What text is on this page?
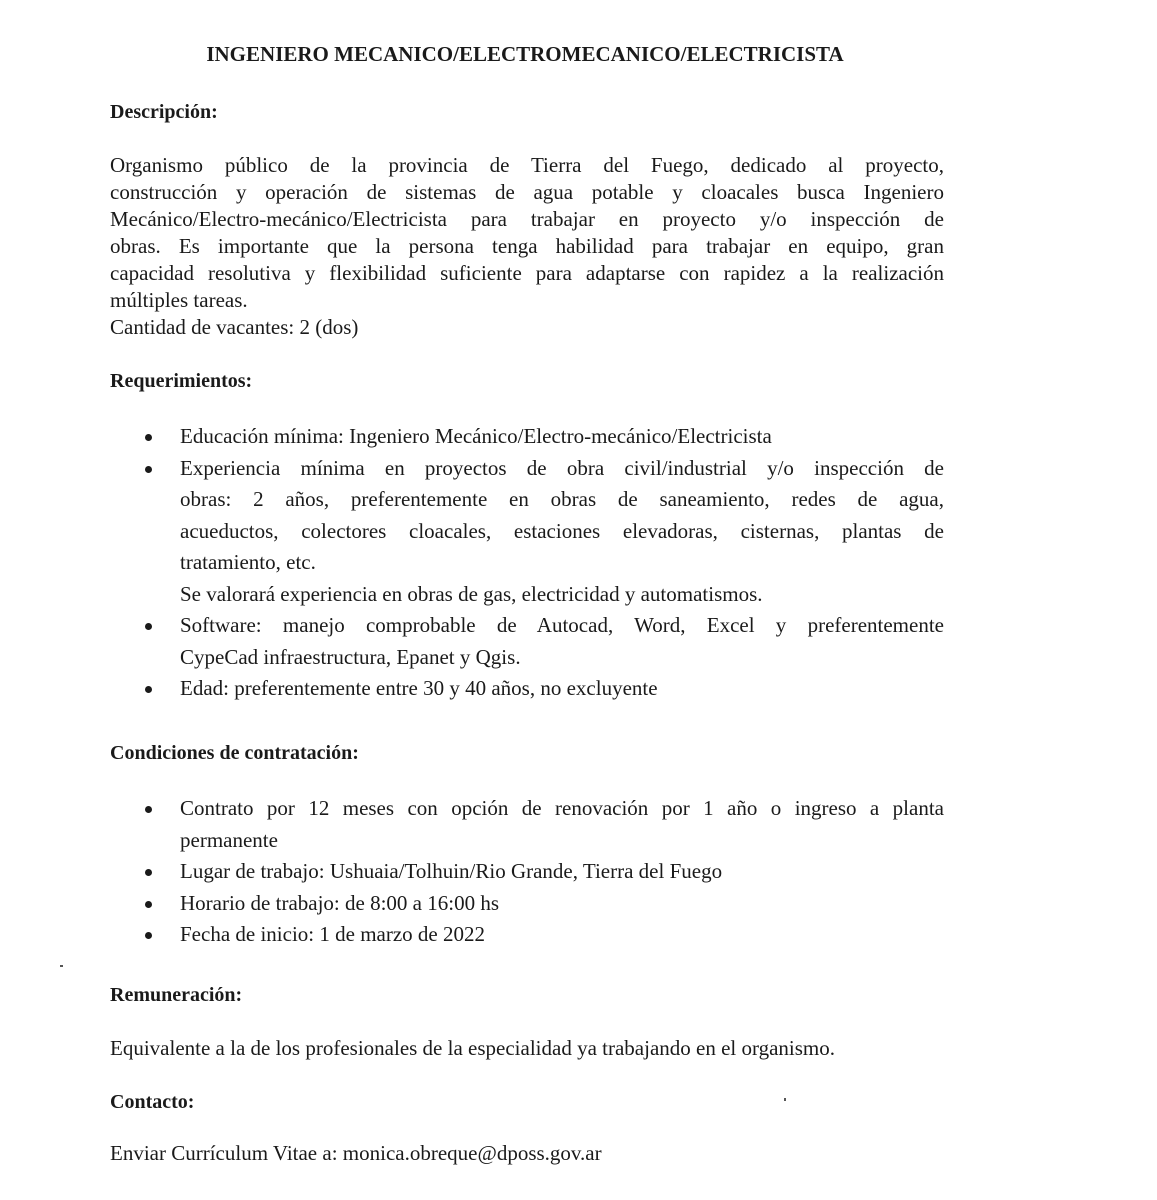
INGENIERO MECANICO/ELECTROMECANICO/ELECTRICISTA
Descripción:
Organismo público de la provincia de Tierra del Fuego, dedicado al proyecto,
construcción y operación de sistemas de agua potable y cloacales busca Ingeniero
Mecánico/Electro-mecánico/Electricista para trabajar en proyecto y/o inspección de
obras. Es importante que la persona tenga habilidad para trabajar en equipo, gran
capacidad resolutiva y flexibilidad suficiente para adaptarse con rapidez a la realización
múltiples tareas.
Cantidad de vacantes: 2 (dos)
Requerimientos:
Educación mínima: Ingeniero Mecánico/Electro-mecánico/Electricista
Experiencia mínima en proyectos de obra civil/industrial y/o inspección de
obras: 2 años, preferentemente en obras de saneamiento, redes de agua,
acueductos, colectores cloacales, estaciones elevadoras, cisternas, plantas de
tratamiento, etc.
Se valorará experiencia en obras de gas, electricidad y automatismos.
Software: manejo comprobable de Autocad, Word, Excel y preferentemente
CypeCad infraestructura, Epanet y Qgis.
Edad: preferentemente entre 30 y 40 años, no excluyente
Condiciones de contratación:
Contrato por 12 meses con opción de renovación por 1 año o ingreso a planta
permanente
Lugar de trabajo: Ushuaia/Tolhuin/Rio Grande, Tierra del Fuego
Horario de trabajo: de 8:00 a 16:00 hs
Fecha de inicio: 1 de marzo de 2022
Remuneración:
Equivalente a la de los profesionales de la especialidad ya trabajando en el organismo.
Contacto:
Enviar Currículum Vitae a: monica.obreque@dposs.gov.ar
